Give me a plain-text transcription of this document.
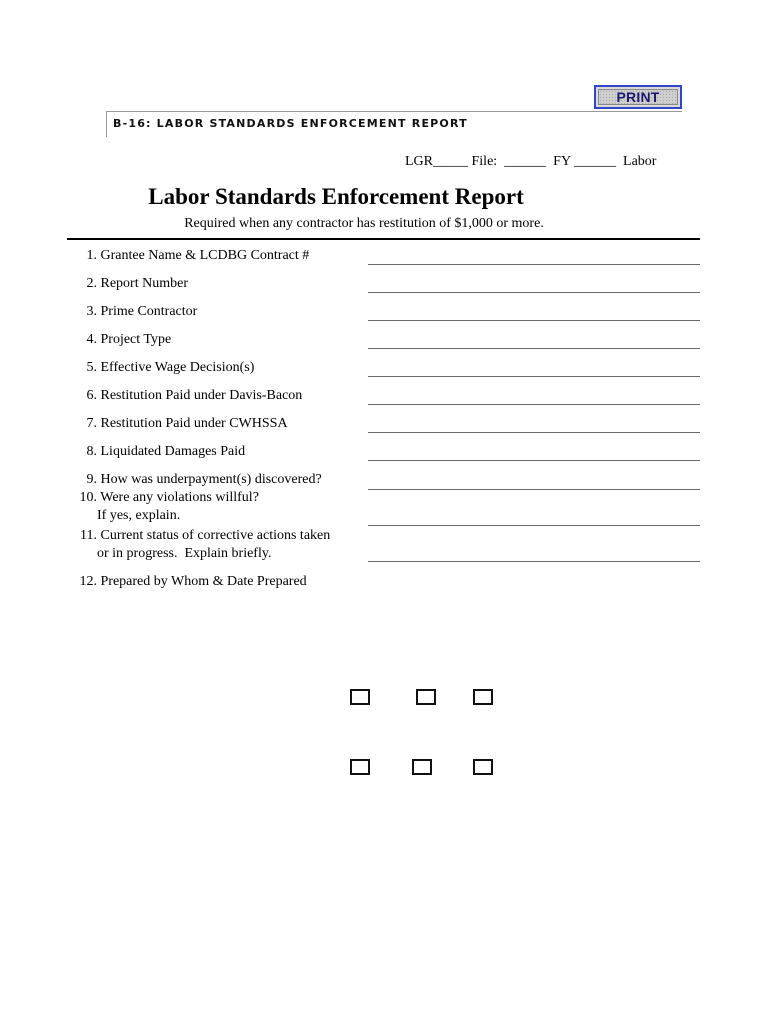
PRINT
B-16: LABOR STANDARDS ENFORCEMENT REPORT
LGR_____ File:  ______  FY ______  Labor
Labor Standards Enforcement Report
Required when any contractor has restitution of $1,000 or more.
1. Grantee Name & LCDBG Contract #
2. Report Number
3. Prime Contractor
4. Project Type
5. Effective Wage Decision(s)
6. Restitution Paid under Davis-Bacon
7. Restitution Paid under CWHSSA
8. Liquidated Damages Paid
9. How was underpayment(s) discovered?
10. Were any violations willful?
If yes, explain.
11. Current status of corrective actions taken
or in progress.  Explain briefly.
12. Prepared by Whom & Date Prepared
